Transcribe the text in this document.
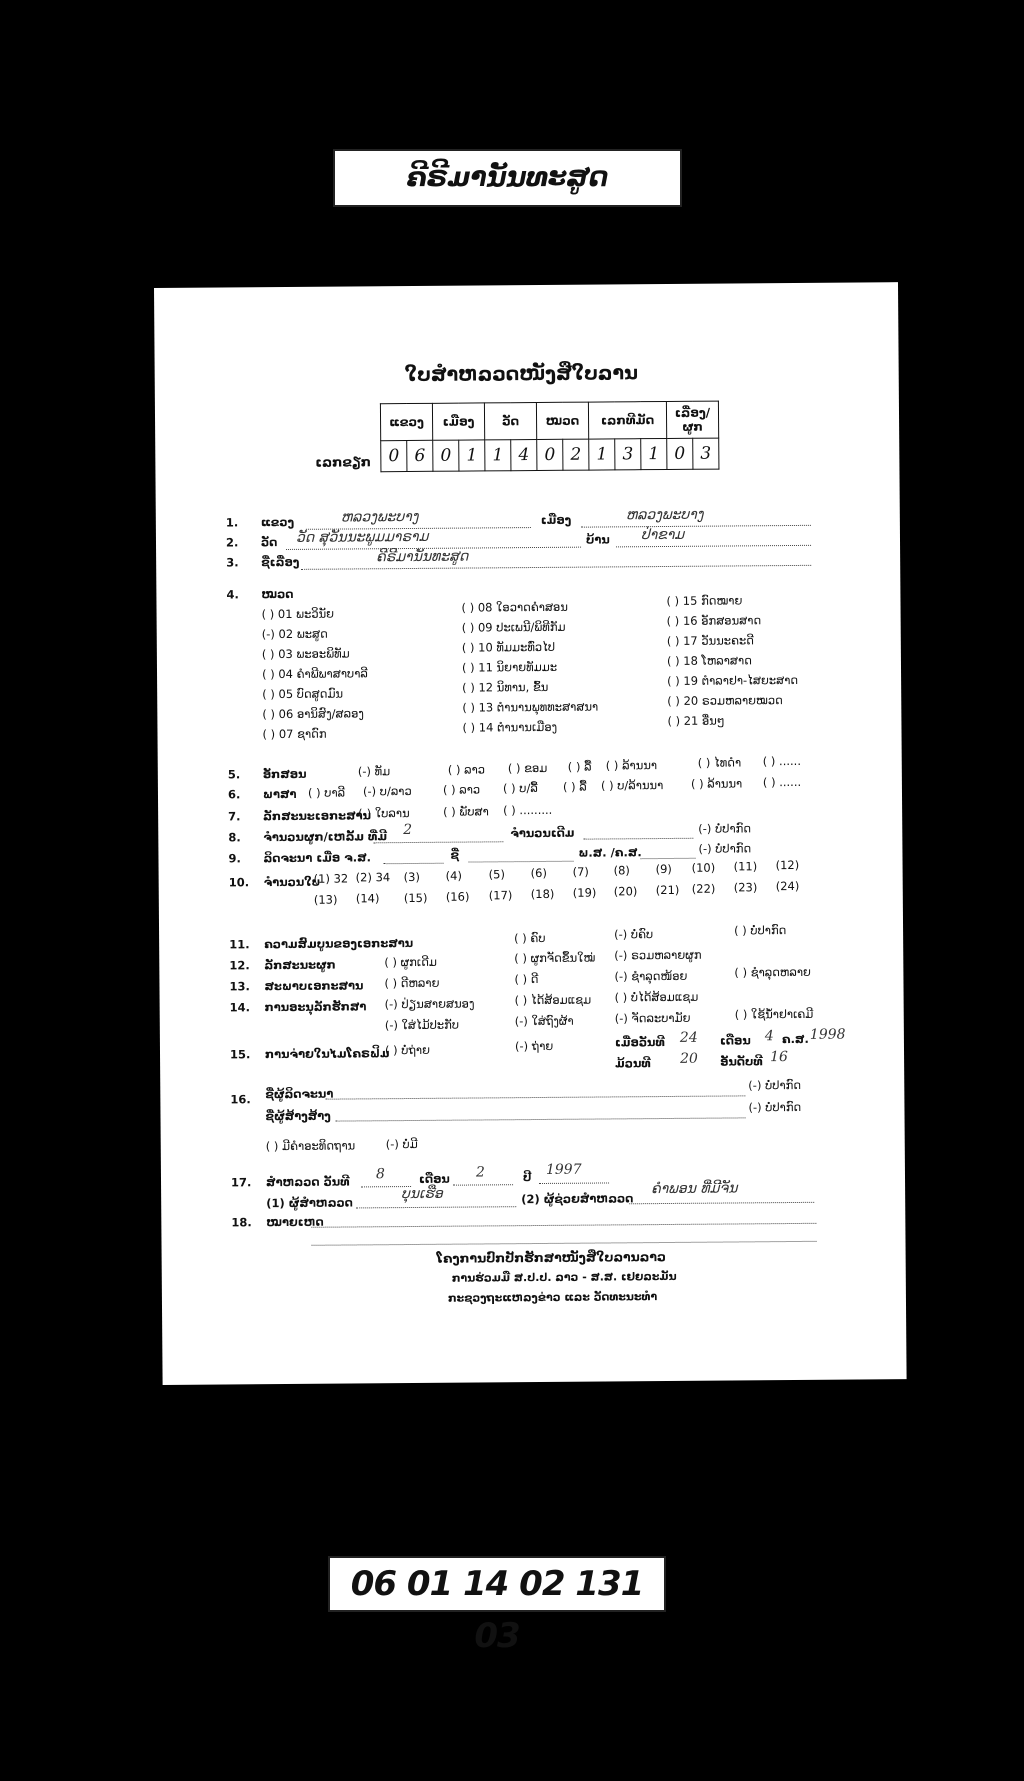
ຄີຣີມານັນທະສູດ
ໃບສຳຫລວດໜັງສືໃບລານ
ເລກຂຽກ
ແຂວງ		ເມືອງ		ວັດ		ໝວດ		ເລກທີມັດ			ເລື່ອງ/ຜູກ	
0	6	0	1	1	4	0	2	1	3	1	0	3
1. ແຂວງ	ຫລວງພະບາງ	ເມືອງ	ຫລວງພະບາງ
2. ວັດ ວັດ ສຸວັນນະພູມມາຣາມ	ບ້ານ ປ່າຂາມ
3. ຊື່ເລື່ອງ	ຄີຣີມານັນທະສູດ
4. ໝວດ
( ) 01 ພະວິນັຍ
(-) 02 ພະສູດ
( ) 03 ພະອະພິທັມ
( ) 04 ຄຳພີພາສາບາລີ
( ) 05 ບົດສູດມົນ
( ) 06 ອານິສົງ/ສລອງ
( ) 07 ຊາດົກ
( ) 08 ໃອວາດຄຳສອນ
( ) 09 ປະເພນີ/ພິທີກັມ
( ) 10 ທັມມະທົ່ວໄປ
( ) 11 ນິຍາຍທັມມະ
( ) 12 ນິທານ, ຂົ້ນ
( ) 13 ຕຳນານພຸທທະສາສນາ
( ) 14 ຕຳນານເມືອງ
( ) 15 ກົດໝາຍ
( ) 16 ອັກສອນສາດ
( ) 17 ວັນນະຄະດີ
( ) 18 ໂຫລາສາດ
( ) 19 ຕຳລາຢາ-ໄສຍະສາດ
( ) 20 ຣວມຫລາຍໝວດ
( ) 21 ອື່ນໆ
5. ອັກສອນ	(-) ທັມ	( ) ລາວ ( ) ຂອມ ( ) ລື້ ( ) ລ້ານນາ	( ) ໄທດຳ ( ) ......
6. ພາສາ ( ) ບາລີ (-) ບ/ລາວ	( ) ລາວ ( ) ບ/ລື້ ( ) ລື້ ( ) ບ/ລ້ານນາ ( ) ລ້ານນາ ( ) ......
7. ລັກສະນະເອກະສານ
(-) ໃບລານ	( ) ພັບສາ ( ) .........
8. ຈຳນວນຜູກ/ເຫລັ້ມ ທີ່ມີ 2	ຈຳນວນເດີມ	(-) ບໍ່ປາກົດ
9. ລິດຈະນາ ເມື່ອ ຈ.ສ.	ຊື່	ພ.ສ. /ຄ.ສ.	(-) ບໍ່ປາກົດ
10. ຈຳນວນໃບ
(1) 32 (2) 34 (3) (4) (5) (6) (7) (8) (9) (10) (11) (12)
(13) (14) (15) (16) (17) (18) (19) (20) (21) (22) (23) (24)
11. ຄວາມສົມບູນຂອງເອກະສານ	( ) ຄົບ	(-) ບໍ່ຄົບ	( ) ບໍ່ປາກົດ
12. ລັກສະນະຜູກ	( ) ຜູກເດີມ	( ) ຜູກຈັດຂຶ້ນໃໝ່ (-) ຣວມຫລາຍຜູກ
13. ສະພາບເອກະສານ ( ) ດີຫລາຍ	( ) ດີ	(-) ຊຳລຸດໜ້ອຍ	( ) ຊຳລຸດຫລາຍ
14. ການອະນຸລັກຮັກສາ (-) ປ່ຽນສາຍສນອງ	( ) ໄດ້ສ້ອມແຊມ ( ) ບໍ່ໄດ້ສ້ອມແຊມ
(-) ໃສ່ໄມ້ປະກັບ	(-) ໃສ່ຖົງຜ້າ	(-) ຈັດລະບາມັຍ	( ) ໃຊ້ນ້ຳຢາເຄມີ
15. ການຈ່າຍໃນໄມໂຄຣຟິມ
( ) ບໍ່ຖ່າຍ	(-) ຖ່າຍ	ເມື່ອວັນທີ 24 ເດືອນ 4 ຄ.ສ. 1998
ມ້ວນທີ 20 ອັນດັບທີ 16
16. ຊື່ຜູ້ລິດຈະນາ
(-) ບໍ່ປາກົດ
ຊື່ຜູ້ສ້າງສ້າງ
(-) ບໍ່ປາກົດ
( ) ມີຄຳອະທິດຖານ	(-) ບໍ່ມີ
17. ສຳຫລວດ ວັນທີ 8	ເດືອນ 2	ປີ 1997
(1) ຜູ້ສຳຫລວດ
ບຸນເຮືອ	(2) ຜູ້ຊ່ວຍສຳຫລວດ
ຄຳພອນ ທີ່ມີຈັນ
18. ໝາຍເຫດ
ໂຄງການປົກປັກຮັກສາໜັງສືໃບລານລາວ
ການຮ່ວມມື ສ.ປ.ປ. ລາວ - ສ.ສ. ເຢຍລະມັນ
ກະຊວງຖະແຫລງຂ່າວ ແລະ ວັດທະນະທຳ
06 01 14 02 131 03
